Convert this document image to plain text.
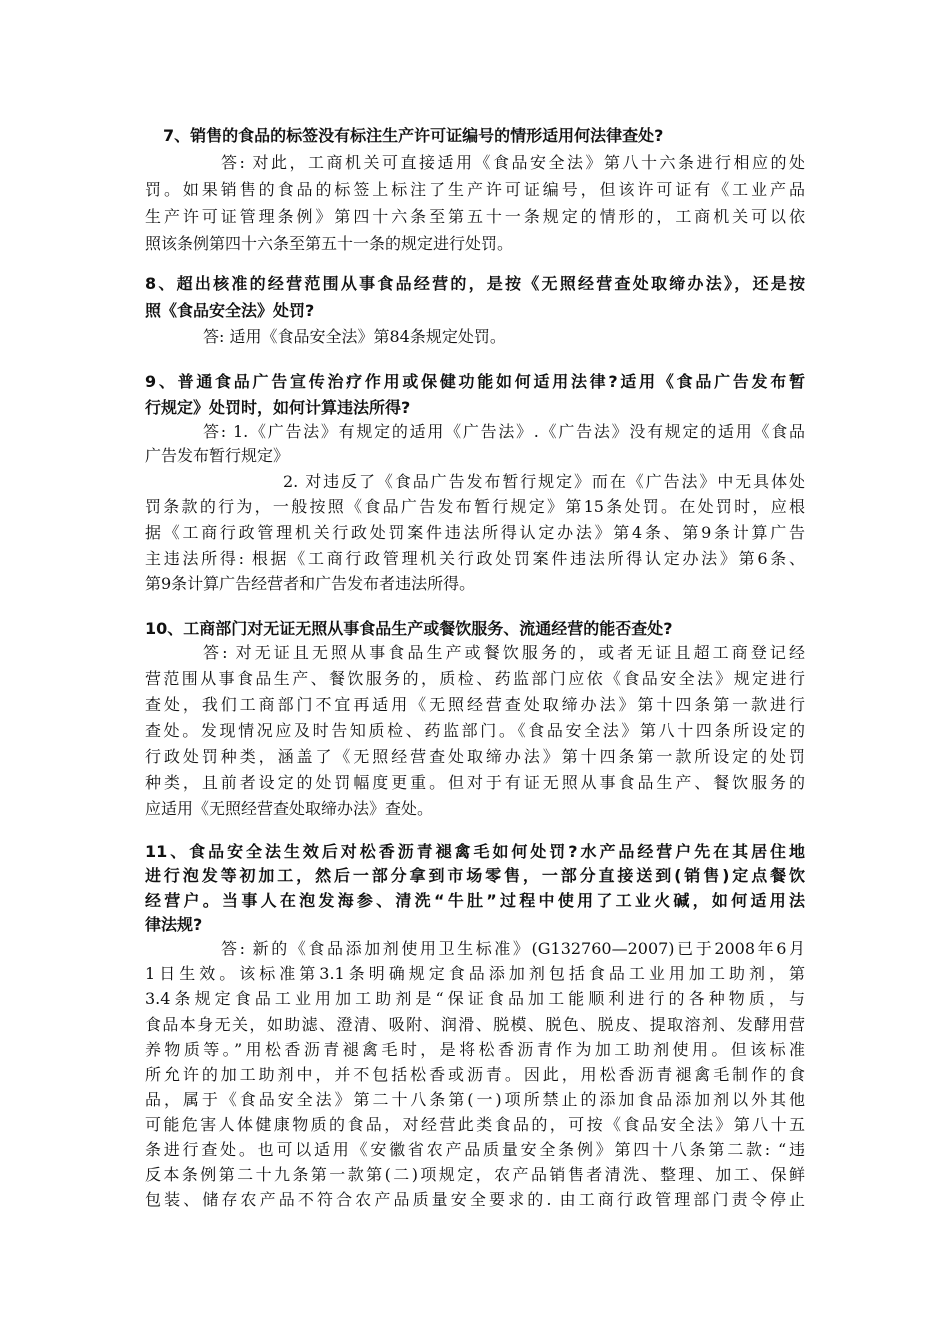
7、销售的食品的标签没有标注生产许可证编号的情形适用何法律查处?
答: 对此，工商机关可直接适用《食品安全法》第八十六条进行相应的处
罚。如果销售的食品的标签上标注了生产许可证编号，但该许可证有《工业产品
生产许可证管理条例》第四十六条至第五十一条规定的情形的，工商机关可以依
照该条例第四十六条至第五十一条的规定进行处罚。
8、超出核准的经营范围从事食品经营的，是按《无照经营查处取缔办法》，还是按
照《食品安全法》处罚?
答: 适用《食品安全法》第84条规定处罚。
9、普通食品广告宣传治疗作用或保健功能如何适用法律?适用《食品广告发布暂
行规定》处罚时，如何计算违法所得?
答: 1.《广告法》有规定的适用《广告法》.《广告法》没有规定的适用《食品
广告发布暂行规定》
2. 对违反了《食品广告发布暂行规定》而在《广告法》中无具体处
罚条款的行为，一般按照《食品广告发布暂行规定》第15条处罚。在处罚时，应根
据《工商行政管理机关行政处罚案件违法所得认定办法》第4条、第9条计算广告
主违法所得: 根据《工商行政管理机关行政处罚案件违法所得认定办法》第6条、
第9条计算广告经营者和广告发布者违法所得。
10、工商部门对无证无照从事食品生产或餐饮服务、流通经营的能否查处?
答: 对无证且无照从事食品生产或餐饮服务的，或者无证且超工商登记经
营范围从事食品生产、餐饮服务的，质检、药监部门应依《食品安全法》规定进行
查处，我们工商部门不宜再适用《无照经营查处取缔办法》第十四条第一款进行
查处。发现情况应及时告知质检、药监部门。《食品安全法》第八十四条所设定的
行政处罚种类，涵盖了《无照经营查处取缔办法》第十四条第一款所设定的处罚
种类，且前者设定的处罚幅度更重。但对于有证无照从事食品生产、餐饮服务的
应适用《无照经营查处取缔办法》查处。
11、食品安全法生效后对松香沥青褪禽毛如何处罚?水产品经营户先在其居住地
进行泡发等初加工，然后一部分拿到市场零售，一部分直接送到(销售)定点餐饮
经营户。当事人在泡发海参、清洗“牛肚”过程中使用了工业火碱，如何适用法
律法规?
答: 新的《食品添加剂使用卫生标准》(G132760—2007)已于2008年6月
1日生效。该标准第3.1条明确规定食品添加剂包括食品工业用加工助剂，第
3.4条规定食品工业用加工助剂是“保证食品加工能顺利进行的各种物质，与
食品本身无关，如助滤、澄清、吸附、润滑、脱模、脱色、脱皮、提取溶剂、发酵用营
养物质等。”用松香沥青褪禽毛时，是将松香沥青作为加工助剂使用。但该标准
所允许的加工助剂中，并不包括松香或沥青。因此，用松香沥青褪禽毛制作的食
品，属于《食品安全法》第二十八条第(一)项所禁止的添加食品添加剂以外其他
可能危害人体健康物质的食品，对经营此类食品的，可按《食品安全法》第八十五
条进行查处。也可以适用《安徽省农产品质量安全条例》第四十八条第二款: “违
反本条例第二十九条第一款第(二)项规定，农产品销售者清洗、整理、加工、保鲜
包装、储存农产品不符合农产品质量安全要求的. 由工商行政管理部门责令停止
